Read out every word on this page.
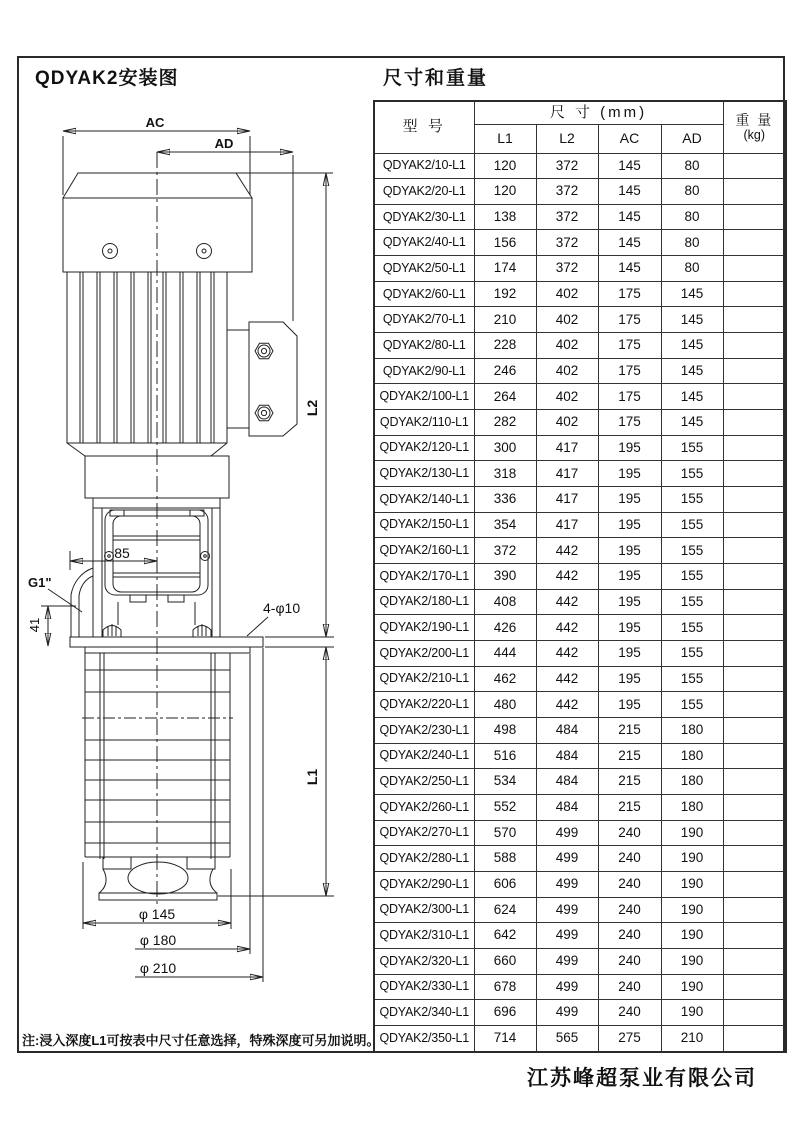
QDYAK2安装图	尺寸和重量
AC
AD
85
G1"
41
4-φ10
φ 145
φ 180
φ 210
L2
L1
型 号	尺 寸 (mm)				重 量
(kg)

	L1	L2	AC	AD	
QDYAK2/10-L1	120	372	145	80	
QDYAK2/20-L1	120	372	145	80	
QDYAK2/30-L1	138	372	145	80	
QDYAK2/40-L1	156	372	145	80	
QDYAK2/50-L1	174	372	145	80	
QDYAK2/60-L1	192	402	175	145	
QDYAK2/70-L1	210	402	175	145	
QDYAK2/80-L1	228	402	175	145	
QDYAK2/90-L1	246	402	175	145	
QDYAK2/100-L1	264	402	175	145	
QDYAK2/110-L1	282	402	175	145	
QDYAK2/120-L1	300	417	195	155	
QDYAK2/130-L1	318	417	195	155	
QDYAK2/140-L1	336	417	195	155	
QDYAK2/150-L1	354	417	195	155	
QDYAK2/160-L1	372	442	195	155	
QDYAK2/170-L1	390	442	195	155	
QDYAK2/180-L1	408	442	195	155	
QDYAK2/190-L1	426	442	195	155	
QDYAK2/200-L1	444	442	195	155	
QDYAK2/210-L1	462	442	195	155	
QDYAK2/220-L1	480	442	195	155	
QDYAK2/230-L1	498	484	215	180	
QDYAK2/240-L1	516	484	215	180	
QDYAK2/250-L1	534	484	215	180	
QDYAK2/260-L1	552	484	215	180	
QDYAK2/270-L1	570	499	240	190	
QDYAK2/280-L1	588	499	240	190	
QDYAK2/290-L1	606	499	240	190	
QDYAK2/300-L1	624	499	240	190	
QDYAK2/310-L1	642	499	240	190	
QDYAK2/320-L1	660	499	240	190	
QDYAK2/330-L1	678	499	240	190	
QDYAK2/340-L1	696	499	240	190	
QDYAK2/350-L1	714	565	275	210	
注:浸入深度L1可按表中尺寸任意选择，特殊深度可另加说明。
江苏峰超泵业有限公司
